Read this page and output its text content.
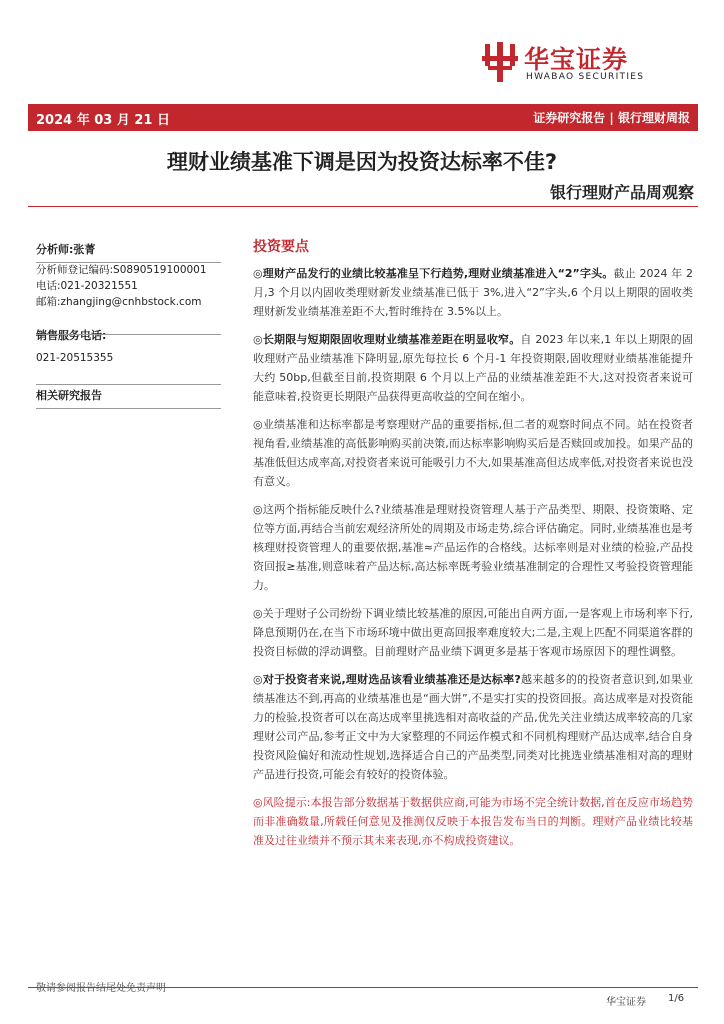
华宝证券
HWABAO SECURITIES
2024 年 03 月 21 日	证券研究报告 | 银行理财周报
理财业绩基准下调是因为投资达标率不佳?
银行理财产品周观察
分析师:张菁
分析师登记编码:S0890519100001
电话:021-20321551
邮箱:zhangjing@cnhbstock.com
销售服务电话:
021-20515355
相关研究报告
投资要点

◎理财产品发行的业绩比较基准呈下行趋势,理财业绩基准进入“2”字头。截止 2024 年 2 月,3 个月以内固收类理财新发业绩基准已低于 3%,进入“2”字头,6 个月以上期限的固收类理财新发业绩基准差距不大,暂时维持在 3.5%以上。

◎长期限与短期限固收理财业绩基准差距在明显收窄。自 2023 年以来,1 年以上期限的固收理财产品业绩基准下降明显,原先每拉长 6 个月-1 年投资期限,固收理财业绩基准能提升大约 50bp,但截至目前,投资期限 6 个月以上产品的业绩基准差距不大,这对投资者来说可能意味着,投资更长期限产品获得更高收益的空间在缩小。

◎业绩基准和达标率都是考察理财产品的重要指标,但二者的观察时间点不同。站在投资者视角看,业绩基准的高低影响购买前决策,而达标率影响购买后是否赎回或加投。如果产品的基准低但达成率高,对投资者来说可能吸引力不大,如果基准高但达成率低,对投资者来说也没有意义。

◎这两个指标能反映什么?业绩基准是理财投资管理人基于产品类型、期限、投资策略、定位等方面,再结合当前宏观经济所处的周期及市场走势,综合评估确定。同时,业绩基准也是考核理财投资管理人的重要依据,基准≈产品运作的合格线。达标率则是对业绩的检验,产品投资回报≥基准,则意味着产品达标,高达标率既考验业绩基准制定的合理性又考验投资管理能力。

◎关于理财子公司纷纷下调业绩比较基准的原因,可能出自两方面,一是客观上市场利率下行,降息预期仍在,在当下市场环境中做出更高回报率难度较大;二是,主观上匹配不同渠道客群的投资目标做的浮动调整。目前理财产品业绩下调更多是基于客观市场原因下的理性调整。

◎对于投资者来说,理财选品该看业绩基准还是达标率?越来越多的的投资者意识到,如果业绩基准达不到,再高的业绩基准也是“画大饼”,不是实打实的投资回报。高达成率是对投资能力的检验,投资者可以在高达成率里挑选相对高收益的产品,优先关注业绩达成率较高的几家理财公司产品,参考正文中为大家整理的不同运作模式和不同机构理财产品达成率,结合自身投资风险偏好和流动性规划,选择适合自己的产品类型,同类对比挑选业绩基准相对高的理财产品进行投资,可能会有较好的投资体验。

◎风险提示:本报告部分数据基于数据供应商,可能为市场不完全统计数据,首在反应市场趋势而非准确数量,所载任何意见及推测仅反映于本报告发布当日的判断。理财产品业绩比较基准及过往业绩并不预示其未来表现,亦不构成投资建议。

敬请参阅报告结尾处免责声明
华宝证券 1/6
